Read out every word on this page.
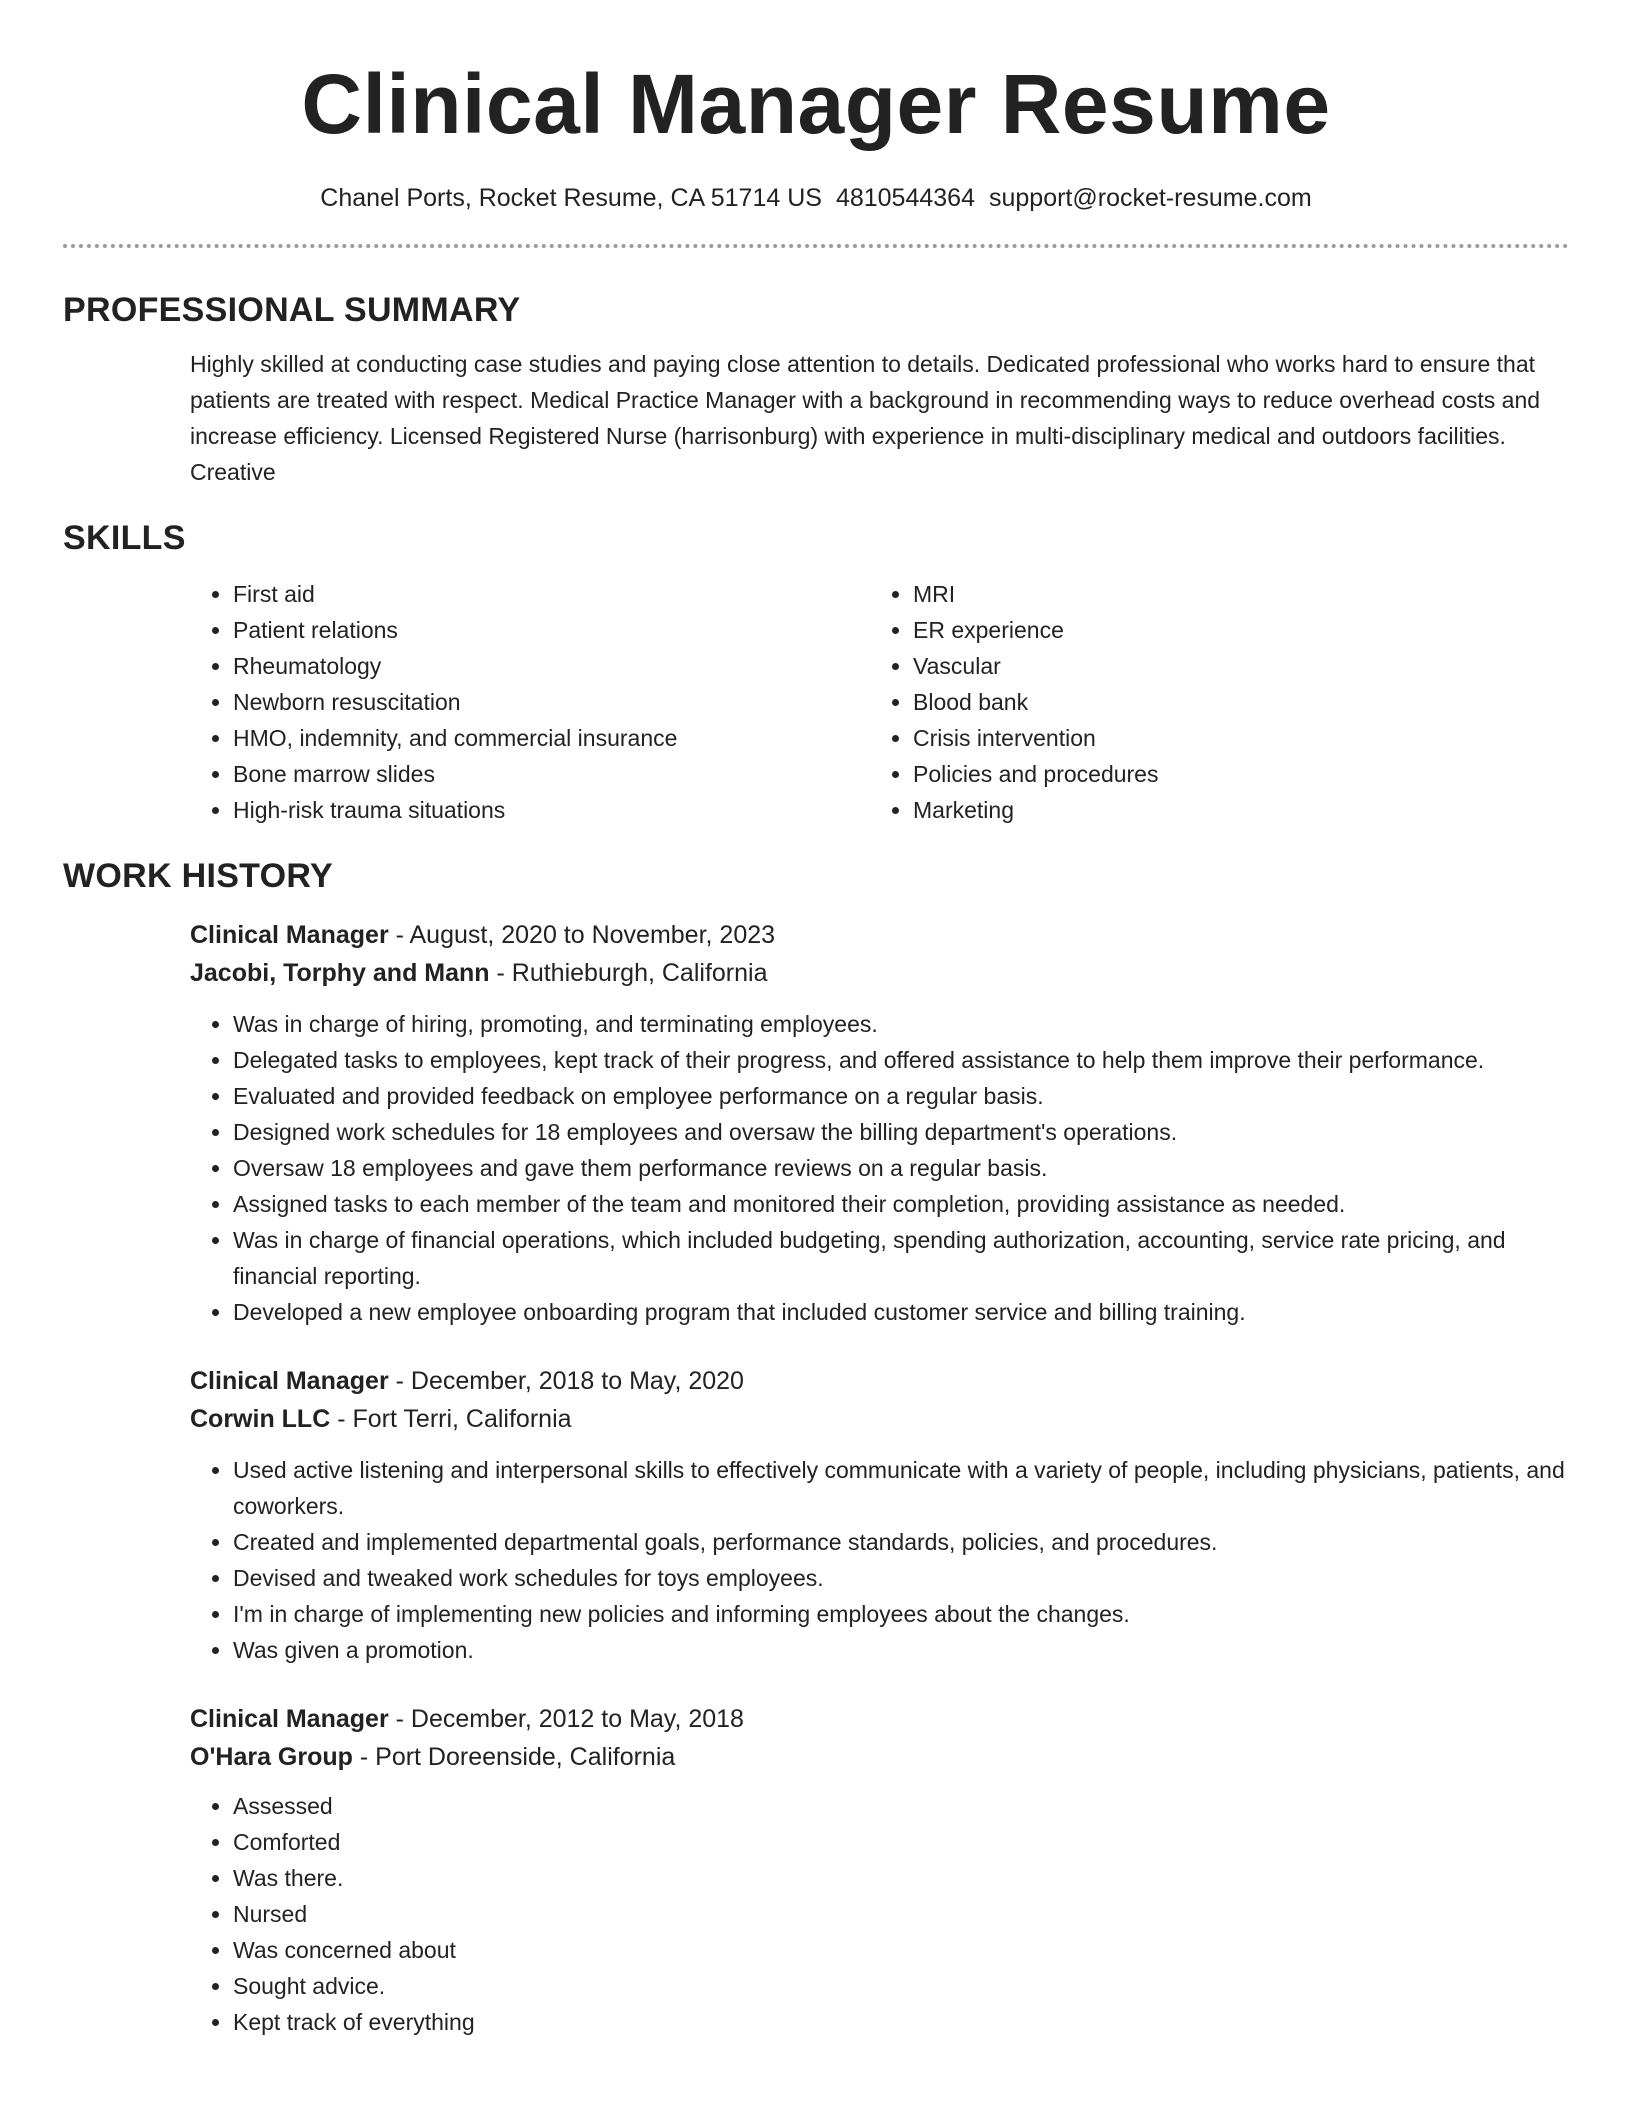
Clinical Manager Resume
Chanel Ports, Rocket Resume, CA 51714 US 4810544364 support@rocket-resume.com
PROFESSIONAL SUMMARY
Highly skilled at conducting case studies and paying close attention to details. Dedicated professional who works hard to ensure that patients are treated with respect. Medical Practice Manager with a background in recommending ways to reduce overhead costs and increase efficiency. Licensed Registered Nurse (harrisonburg) with experience in multi-disciplinary medical and outdoors facilities. Creative
SKILLS
• First aid
• Patient relations
• Rheumatology
• Newborn resuscitation
• HMO, indemnity, and commercial insurance
• Bone marrow slides
• High-risk trauma situations
• MRI
• ER experience
• Vascular
• Blood bank
• Crisis intervention
• Policies and procedures
• Marketing
WORK HISTORY
Clinical Manager - August, 2020 to November, 2023
Jacobi, Torphy and Mann - Ruthieburgh, California
• Was in charge of hiring, promoting, and terminating employees.
• Delegated tasks to employees, kept track of their progress, and offered assistance to help them improve their performance.
• Evaluated and provided feedback on employee performance on a regular basis.
• Designed work schedules for 18 employees and oversaw the billing department's operations.
• Oversaw 18 employees and gave them performance reviews on a regular basis.
• Assigned tasks to each member of the team and monitored their completion, providing assistance as needed.
• Was in charge of financial operations, which included budgeting, spending authorization, accounting, service rate pricing, and financial reporting.
• Developed a new employee onboarding program that included customer service and billing training.
Clinical Manager - December, 2018 to May, 2020
Corwin LLC - Fort Terri, California
• Used active listening and interpersonal skills to effectively communicate with a variety of people, including physicians, patients, and coworkers.
• Created and implemented departmental goals, performance standards, policies, and procedures.
• Devised and tweaked work schedules for toys employees.
• I'm in charge of implementing new policies and informing employees about the changes.
• Was given a promotion.
Clinical Manager - December, 2012 to May, 2018
O'Hara Group - Port Doreenside, California
• Assessed
• Comforted
• Was there.
• Nursed
• Was concerned about
• Sought advice.
• Kept track of everything
